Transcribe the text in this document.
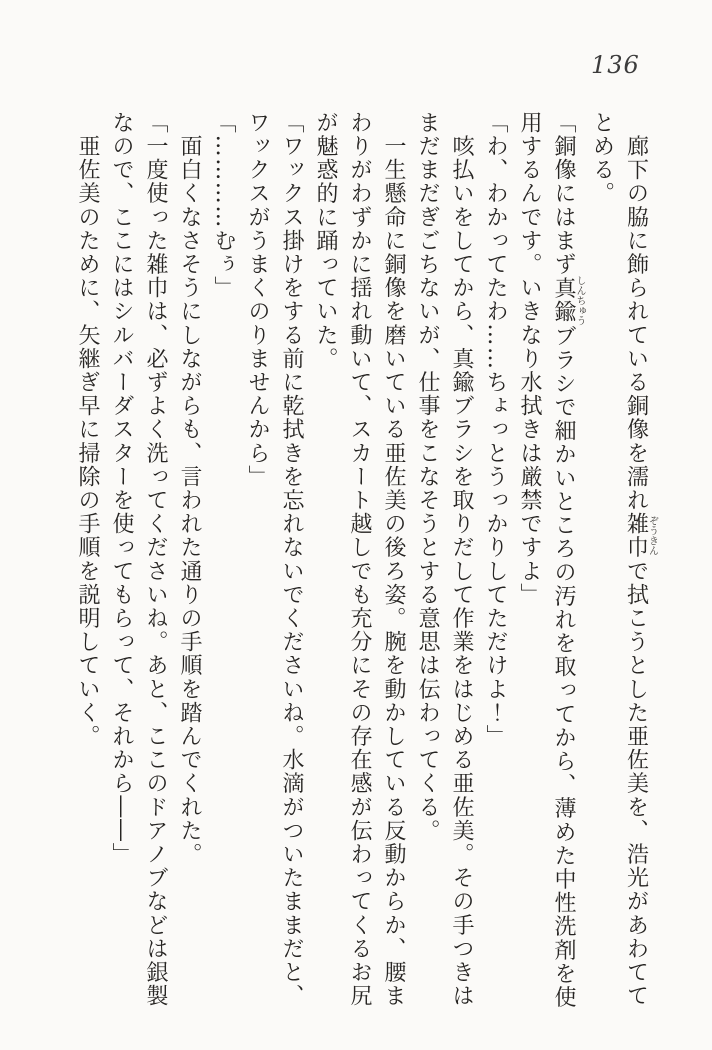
136
　廊下の脇に飾られている銅像を濡れ雑巾ぞうきんで拭こうとした亜佐美を、浩光があわてて
とめる。
「銅像にはまず真鍮しんちゅうブラシで細かいところの汚れを取ってから、薄めた中性洗剤を使
用するんです。いきなり水拭きは厳禁ですよ」
「わ、わかってたわ……ちょっとうっかりしてただけよ！」
　咳払いをしてから、真鍮ブラシを取りだして作業をはじめる亜佐美。その手つきは
まだまだぎごちないが、仕事をこなそうとする意思は伝わってくる。
　一生懸命に銅像を磨いている亜佐美の後ろ姿。腕を動かしている反動からか、腰ま
わりがわずかに揺れ動いて、スカート越しでも充分にその存在感が伝わってくるお尻
が魅惑的に踊っていた。
「ワックス掛けをする前に乾拭きを忘れないでくださいね。水滴がついたままだと、
ワックスがうまくのりませんから」
「…………むぅ」
　面白くなさそうにしながらも、言われた通りの手順を踏んでくれた。
「一度使った雑巾は、必ずよく洗ってくださいね。あと、ここのドアノブなどは銀製
なので、ここにはシルバーダスターを使ってもらって、それから――」
　亜佐美のために、矢継ぎ早に掃除の手順を説明していく。
